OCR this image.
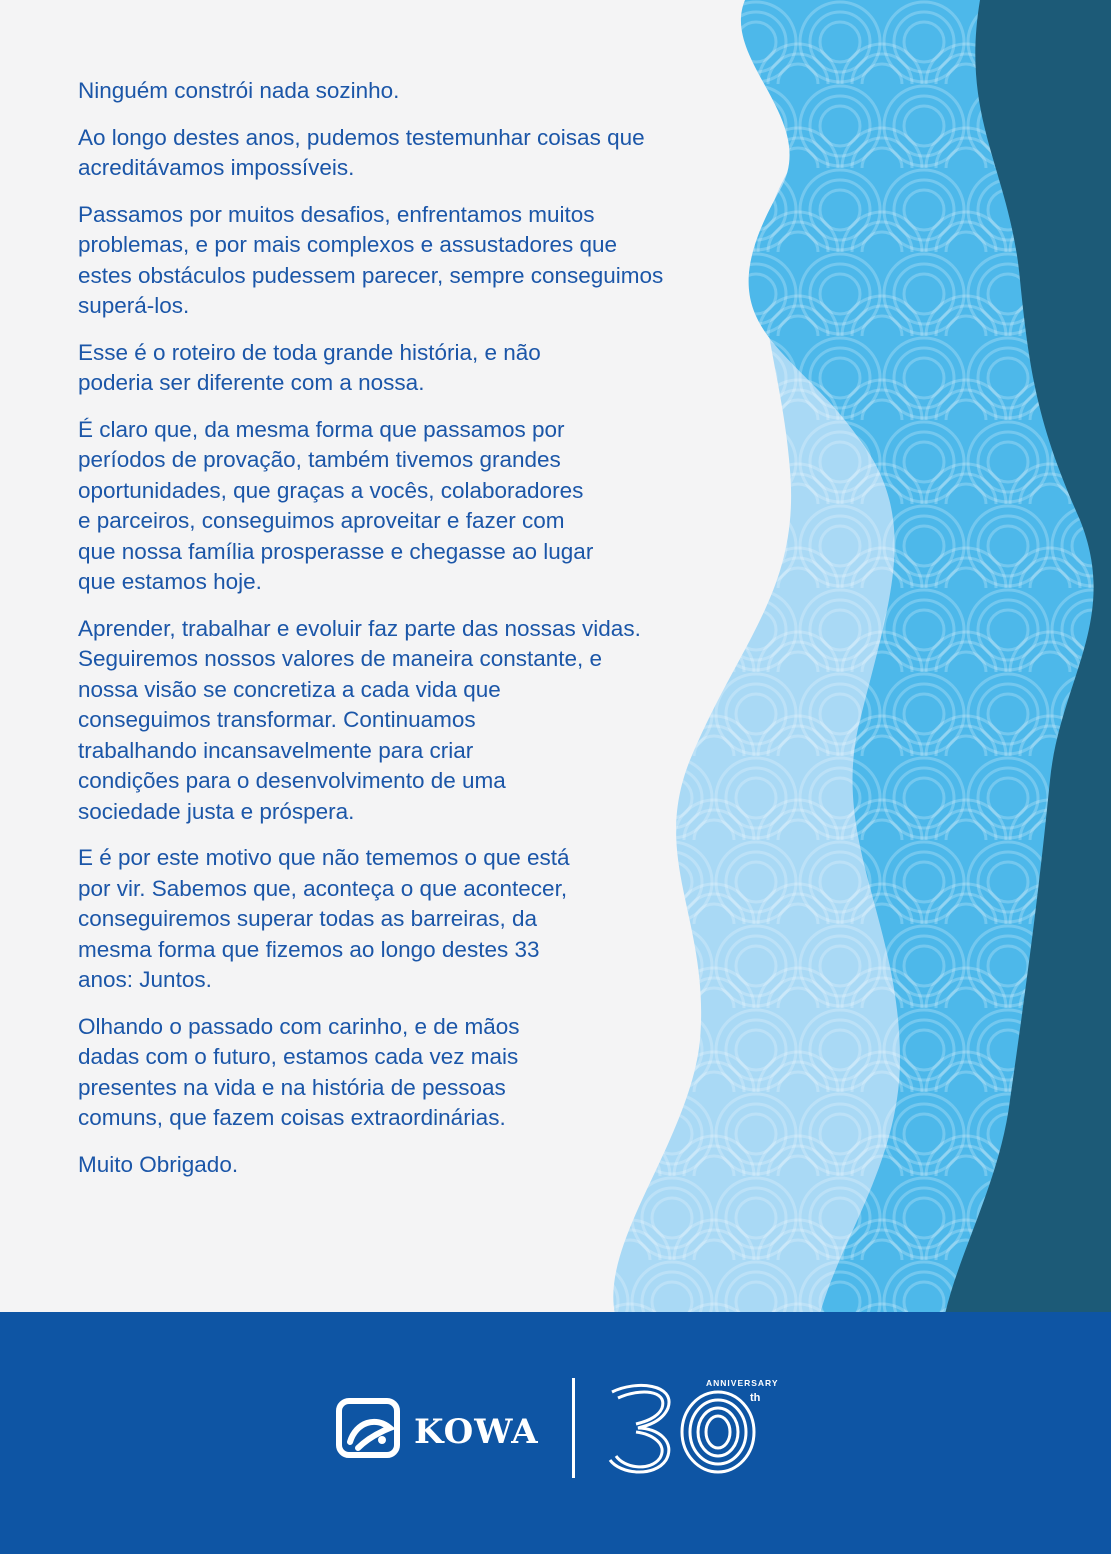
Ninguém constrói nada sozinho.

Ao longo destes anos, pudemos testemunhar coisas que
acreditávamos impossíveis.

Passamos por muitos desafios, enfrentamos muitos
problemas, e por mais complexos e assustadores que
estes obstáculos pudessem parecer, sempre conseguimos
superá-los.

Esse é o roteiro de toda grande história, e não
poderia ser diferente com a nossa.

É claro que, da mesma forma que passamos por
períodos de provação, também tivemos grandes
oportunidades, que graças a vocês, colaboradores
e parceiros, conseguimos aproveitar e fazer com
que nossa família prosperasse e chegasse ao lugar
que estamos hoje.

Aprender, trabalhar e evoluir faz parte das nossas vidas.
Seguiremos nossos valores de maneira constante, e
nossa visão se concretiza a cada vida que
conseguimos transformar. Continuamos
trabalhando incansavelmente para criar
condições para o desenvolvimento de uma
sociedade justa e próspera.

E é por este motivo que não tememos o que está
por vir. Sabemos que, aconteça o que acontecer,
conseguiremos superar todas as barreiras, da
mesma forma que fizemos ao longo destes 33
anos: Juntos.

Olhando o passado com carinho, e de mãos
dadas com o futuro, estamos cada vez mais
presentes na vida e na história de pessoas
comuns, que fazem coisas extraordinárias.

Muito Obrigado.

KOWA
ANNIVERSARY
th
